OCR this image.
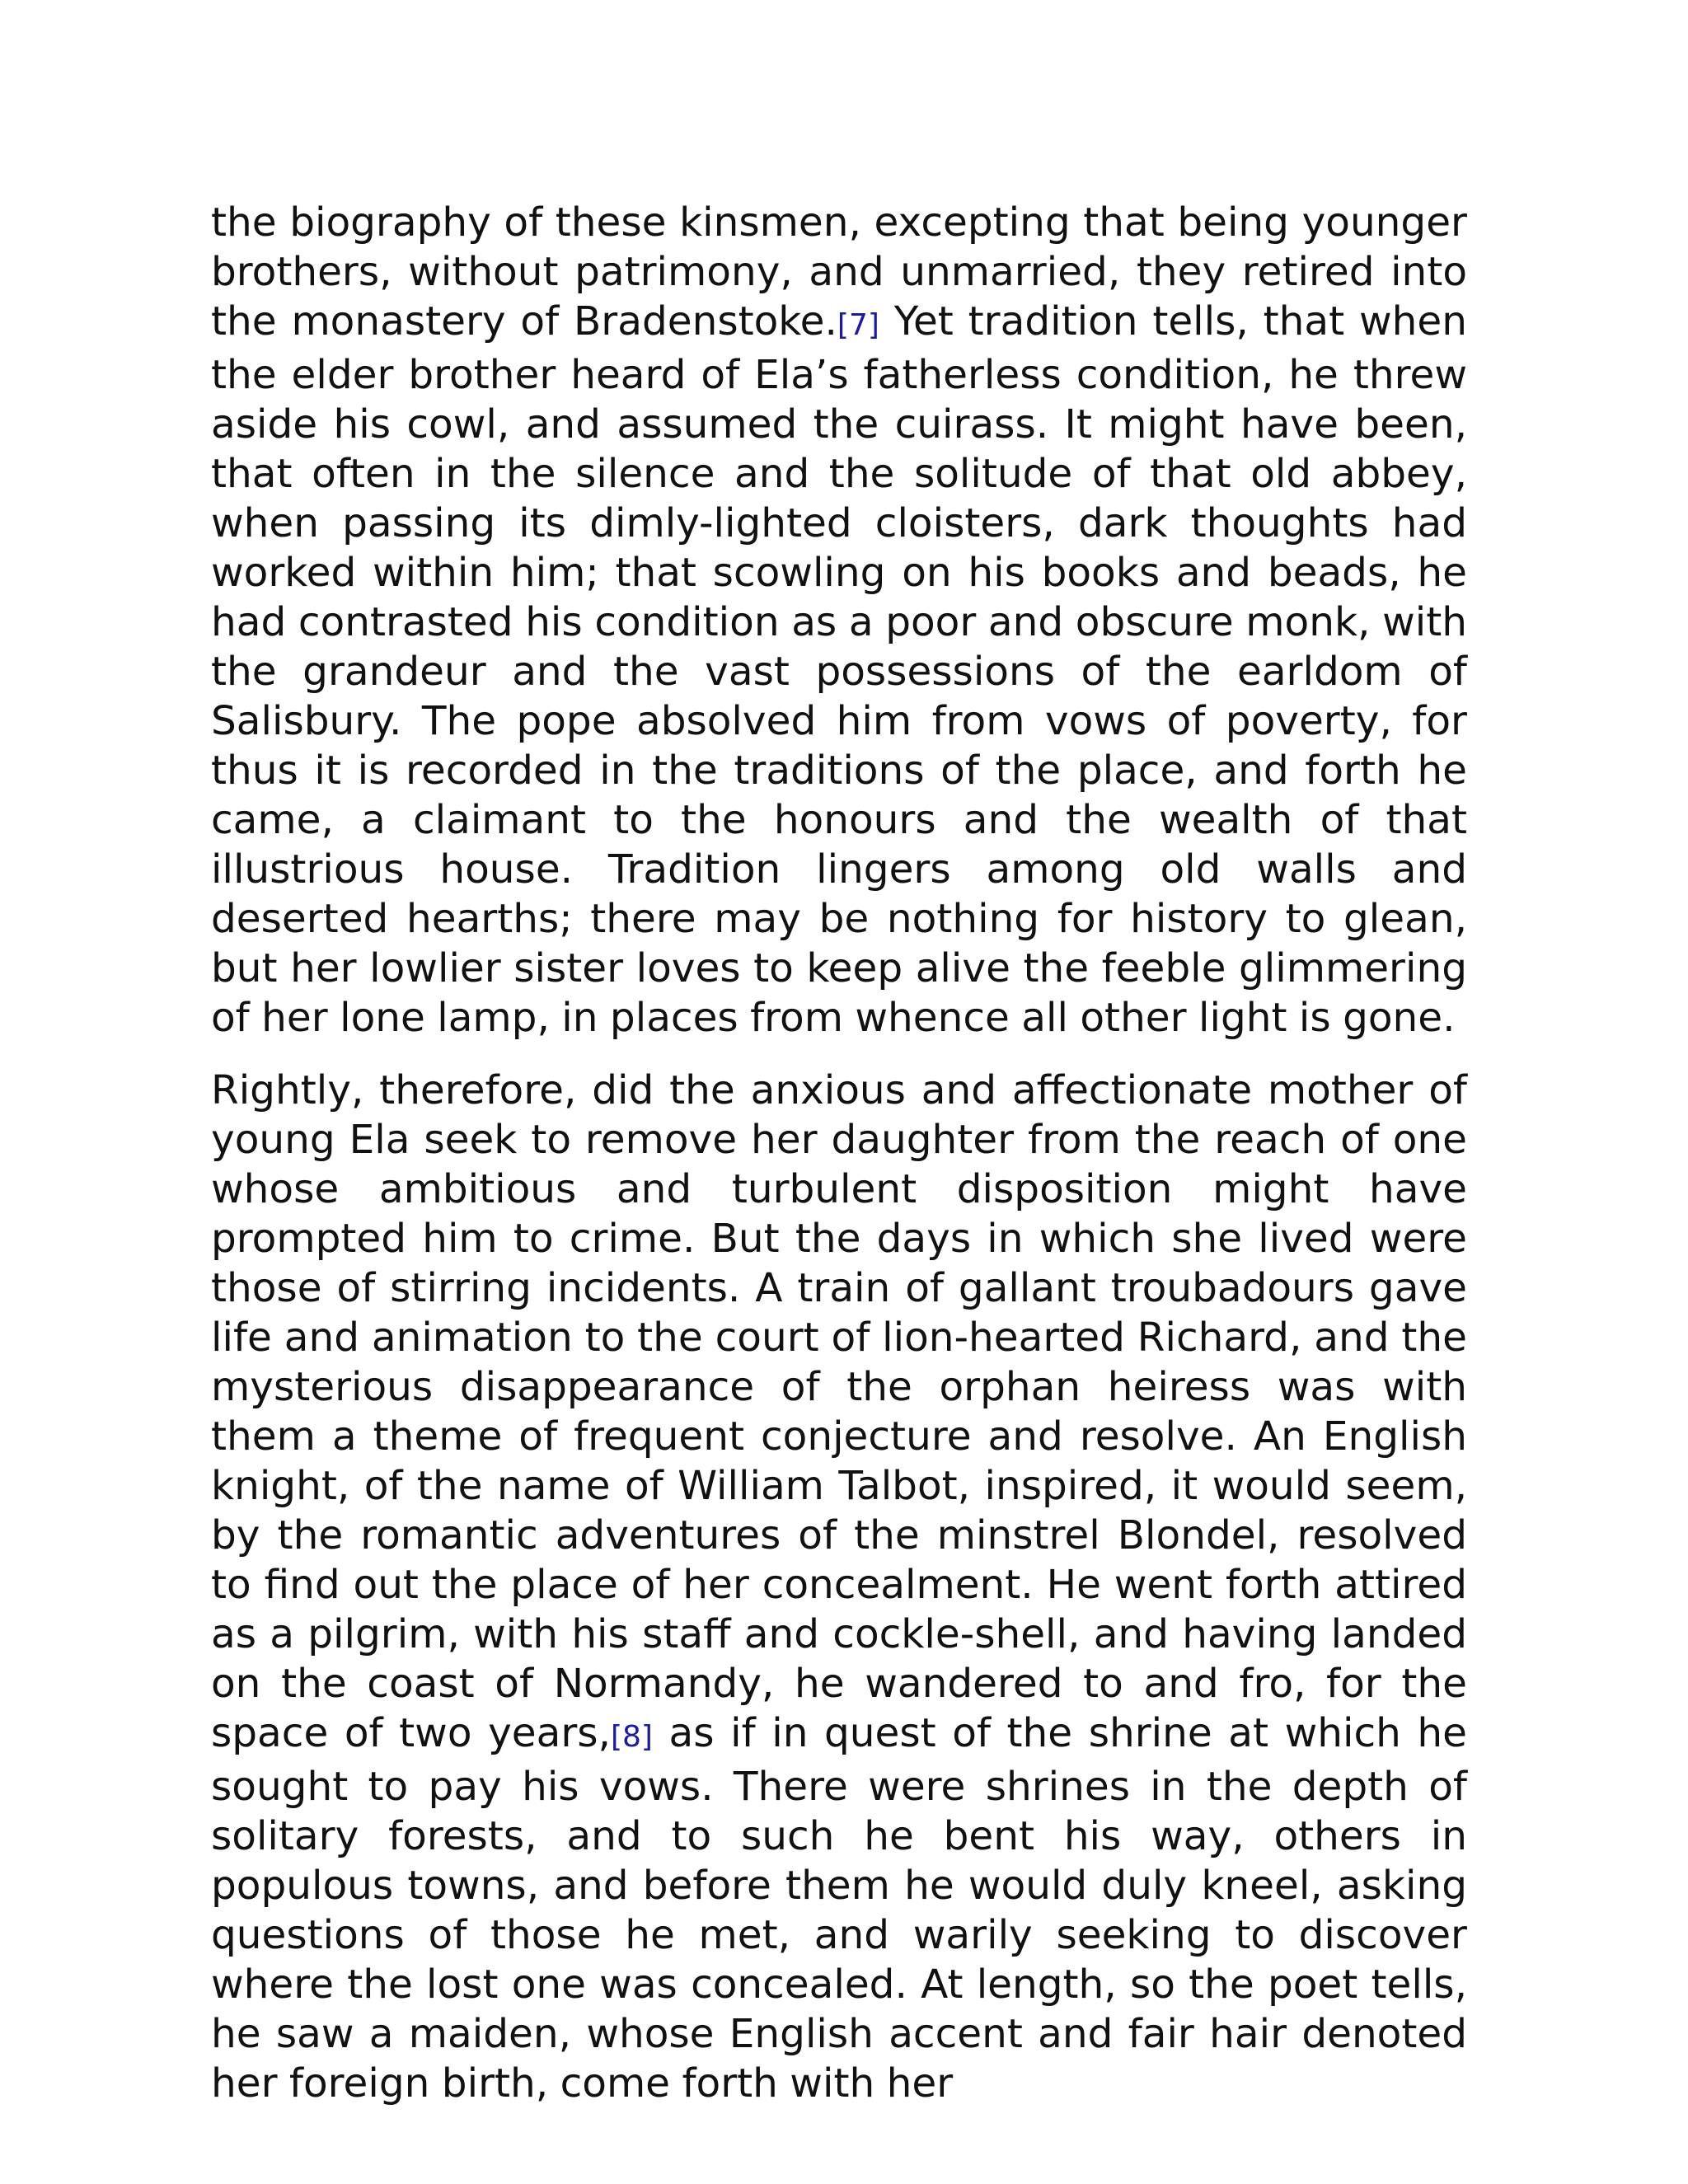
the biography of these kinsmen, excepting that being younger brothers, without patrimony, and unmarried, they retired into the monastery of Bradenstoke.[7] Yet tradition tells, that when the elder brother heard of Ela’s fatherless condition, he threw aside his cowl, and assumed the cuirass. It might have been, that often in the silence and the solitude of that old abbey, when passing its dimly-lighted cloisters, dark thoughts had worked within him; that scowling on his books and beads, he had contrasted his condition as a poor and obscure monk, with the grandeur and the vast possessions of the earldom of Salisbury. The pope absolved him from vows of poverty, for thus it is recorded in the traditions of the place, and forth he came, a claimant to the honours and the wealth of that illustrious house. Tradition lingers among old walls and deserted hearths; there may be nothing for history to glean, but her lowlier sister loves to keep alive the feeble glimmering of her lone lamp, in places from whence all other light is gone.

Rightly, therefore, did the anxious and affectionate mother of young Ela seek to remove her daughter from the reach of one whose ambitious and turbulent disposition might have prompted him to crime. But the days in which she lived were those of stirring incidents. A train of gallant troubadours gave life and animation to the court of lion-hearted Richard, and the mysterious disappearance of the orphan heiress was with them a theme of frequent conjecture and resolve. An English knight, of the name of William Talbot, inspired, it would seem, by the romantic adventures of the minstrel Blondel, resolved to find out the place of her concealment. He went forth attired as a pilgrim, with his staff and cockle-shell, and having landed on the coast of Normandy, he wandered to and fro, for the space of two years,[8] as if in quest of the shrine at which he sought to pay his vows. There were shrines in the depth of solitary forests, and to such he bent his way, others in populous towns, and before them he would duly kneel, asking questions of those he met, and warily seeking to discover where the lost one was concealed. At length, so the poet tells, he saw a maiden, whose English accent and fair hair denoted her foreign birth, come forth with her
